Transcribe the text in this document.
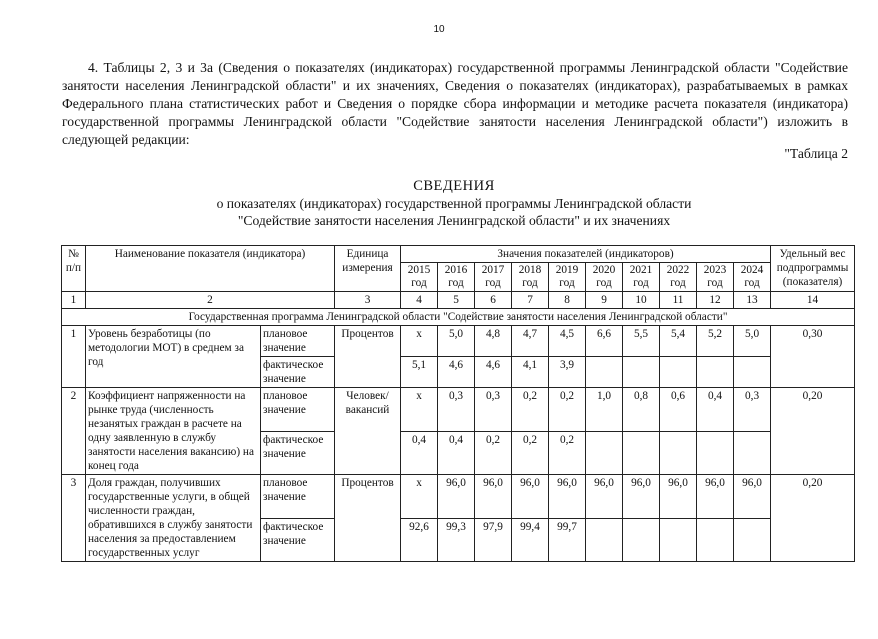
10
4. Таблицы 2, 3 и 3а (Сведения о показателях (индикаторах) государственной программы Ленинградской области "Содействие занятости населения Ленинградской области" и их значениях, Сведения о показателях (индикаторах), разрабатываемых в рамках Федерального плана статистических работ и Сведения о порядке сбора информации и методике расчета показателя (индикатора) государственной программы Ленинградской области "Содействие занятости населения Ленинградской области") изложить в следующей редакции:
"Таблица 2
СВЕДЕНИЯ
о показателях (индикаторах) государственной программы Ленинградской области
"Содействие занятости населения Ленинградской области" и их значениях
№ п/п	Наименование показателя (индикатора)		Единица измерения	Значения показателей (индикаторов)										Удельный вес подпрограммы (показателя)
				2015 год	2016 год	2017 год	2018 год	2019 год	2020 год	2021 год	2022 год	2023 год	2024 год	
1	2		3	4	5	6	7	8	9	10	11	12	13	14
Государственная программа Ленинградской области "Содействие занятости населения Ленинградской области"														
1	Уровень безработицы (по методологии МОТ) в среднем за год	плановое значение	Процентов	x	5,0	4,8	4,7	4,5	6,6	5,5	5,4	5,2	5,0	0,30
		фактическое значение		5,1	4,6	4,6	4,1	3,9						
2	Коэффициент напряженности на рынке труда (численность незанятых граждан в расчете на одну заявленную в службу занятости населения вакансию) на конец года	плановое значение	Человек/ вакансий	x	0,3	0,3	0,2	0,2	1,0	0,8	0,6	0,4	0,3	0,20
		фактическое значение		0,4	0,4	0,2	0,2	0,2						
3	Доля граждан, получивших государственные услуги, в общей численности граждан, обратившихся в службу занятости населения за предоставлением государственных услуг	плановое значение	Процентов	x	96,0	96,0	96,0	96,0	96,0	96,0	96,0	96,0	96,0	0,20
		фактическое значение		92,6	99,3	97,9	99,4	99,7						
